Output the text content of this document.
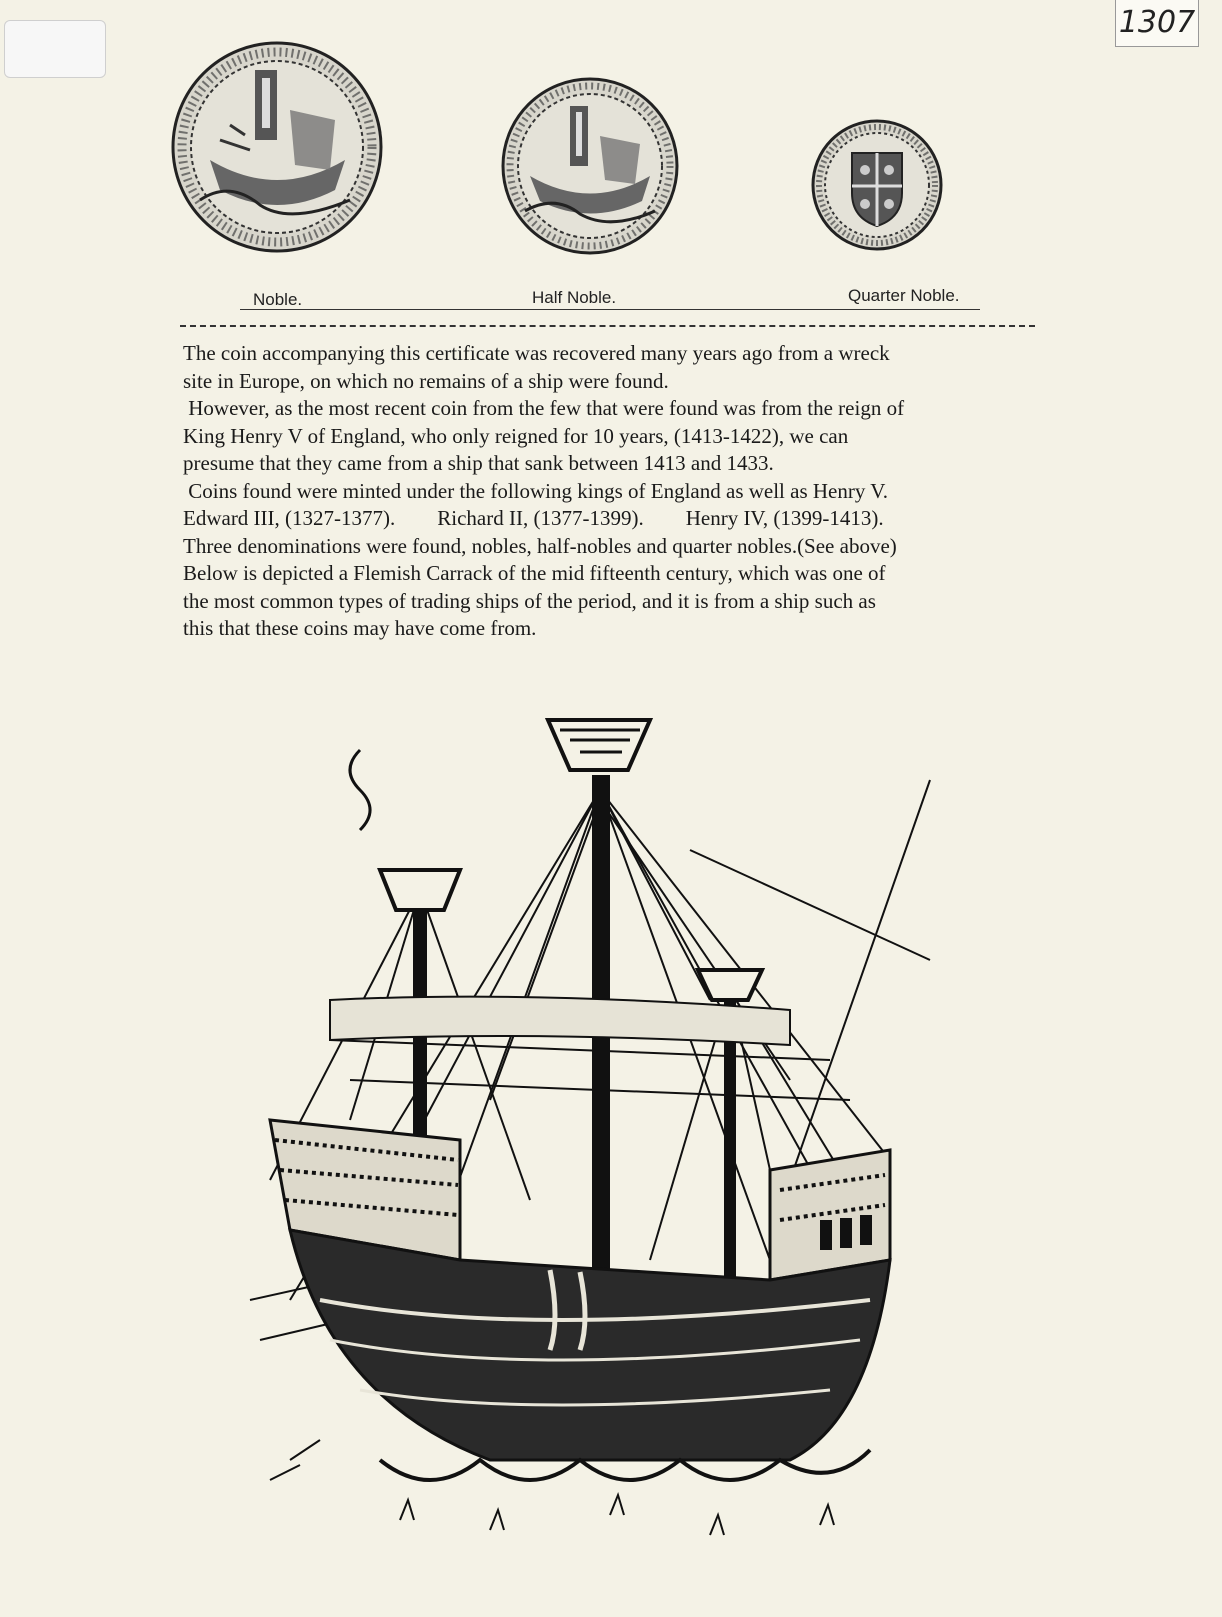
1307
Noble.	Half Noble.	Quarter Noble.

The coin accompanying this certificate was recovered many years ago from a wreck

site in Europe, on which no remains of a ship were found.

However, as the most recent coin from the few that were found was from the reign of

King Henry V of England, who only reigned for 10 years, (1413-1422), we can

presume that they came from a ship that sank between 1413 and 1433.

Coins found were minted under the following kings of England as well as Henry V.

Edward III, (1327-1377).        Richard II, (1377-1399).        Henry IV, (1399-1413).

Three denominations were found, nobles, half-nobles and quarter nobles.(See above)

Below is depicted a Flemish Carrack of the mid fifteenth century, which was one of

the most common types of trading ships of the period, and it is from a ship such as

this that these coins may have come from.
